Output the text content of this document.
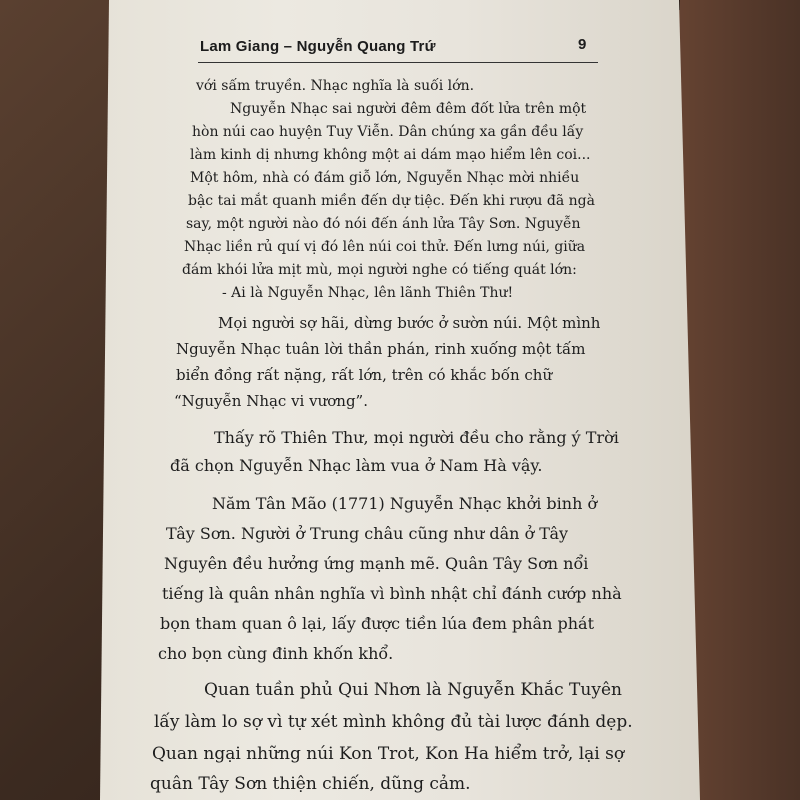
Lam Giang – Nguyễn Quang Trứ	9
với sấm truyền. Nhạc nghĩa là suối lớn.
Nguyễn Nhạc sai người đêm đêm đốt lửa trên một
hòn núi cao huyện Tuy Viễn. Dân chúng xa gần đều lấy
làm kinh dị nhưng không một ai dám mạo hiểm lên coi...
Một hôm, nhà có đám giỗ lớn, Nguyễn Nhạc mời nhiều
bậc tai mắt quanh miền đến dự tiệc. Đến khi rượu đã ngà
say, một người nào đó nói đến ánh lửa Tây Sơn. Nguyễn
Nhạc liền rủ quí vị đó lên núi coi thử. Đến lưng núi, giữa
đám khói lửa mịt mù, mọi người nghe có tiếng quát lớn:
- Ai là Nguyễn Nhạc, lên lãnh Thiên Thư!
Mọi người sợ hãi, dừng bước ở sườn núi. Một mình
Nguyễn Nhạc tuân lời thần phán, rinh xuống một tấm
biển đồng rất nặng, rất lớn, trên có khắc bốn chữ
“Nguyễn Nhạc vi vương”.
Thấy rõ Thiên Thư, mọi người đều cho rằng ý Trời
đã chọn Nguyễn Nhạc làm vua ở Nam Hà vậy.
Năm Tân Mão (1771) Nguyễn Nhạc khởi binh ở
Tây Sơn. Người ở Trung châu cũng như dân ở Tây
Nguyên đều hưởng ứng mạnh mẽ. Quân Tây Sơn nổi
tiếng là quân nhân nghĩa vì bình nhật chỉ đánh cướp nhà
bọn tham quan ô lại, lấy được tiền lúa đem phân phát
cho bọn cùng đinh khốn khổ.
Quan tuần phủ Qui Nhơn là Nguyễn Khắc Tuyên
lấy làm lo sợ vì tự xét mình không đủ tài lược đánh dẹp.
Quan ngại những núi Kon Trot, Kon Ha hiểm trở, lại sợ
quân Tây Sơn thiện chiến, dũng cảm.
